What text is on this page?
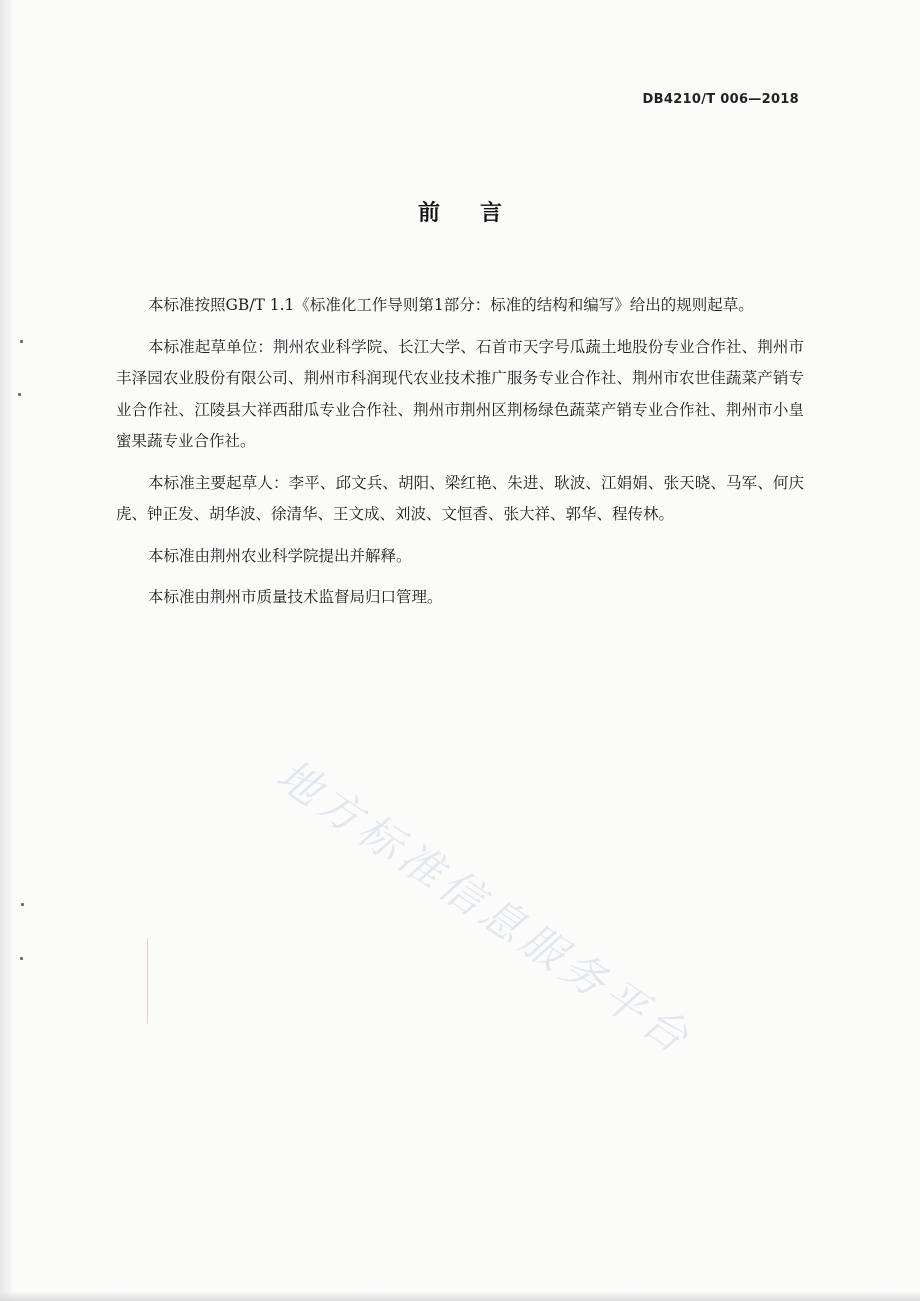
DB4210/T 006—2018
前言

本标准按照GB/T 1.1《标准化工作导则第1部分：标准的结构和编写》给出的规则起草。

本标准起草单位：荆州农业科学院、长江大学、石首市天字号瓜蔬土地股份专业合作社、荆州市丰泽园农业股份有限公司、荆州市科润现代农业技术推广服务专业合作社、荆州市农世佳蔬菜产销专业合作社、江陵县大祥西甜瓜专业合作社、荆州市荆州区荆杨绿色蔬菜产销专业合作社、荆州市小皇蜜果蔬专业合作社。

本标准主要起草人：李平、邱文兵、胡阳、梁红艳、朱进、耿波、江娟娟、张天晓、马军、何庆虎、钟正发、胡华波、徐清华、王文成、刘波、文恒香、张大祥、郭华、程传林。

本标准由荆州农业科学院提出并解释。

本标准由荆州市质量技术监督局归口管理。

地方标准信息服务平台
